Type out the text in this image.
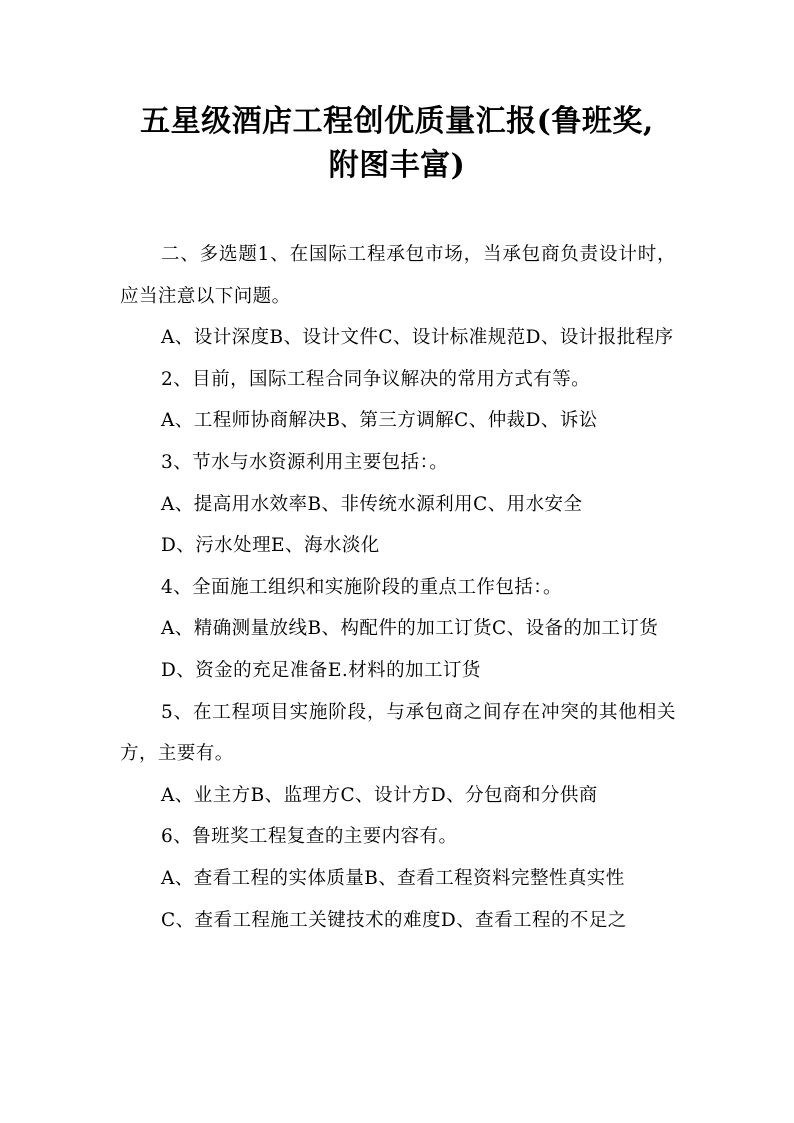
五星级酒店工程创优质量汇报(鲁班奖,
附图丰富)

二、多选题1、在国际工程承包市场，当承包商负责设计时，应当注意以下问题。

A、设计深度B、设计文件C、设计标准规范D、设计报批程序

2、目前，国际工程合同争议解决的常用方式有等。

A、工程师协商解决B、第三方调解C、仲裁D、诉讼

3、节水与水资源利用主要包括：。

A、提高用水效率B、非传统水源利用C、用水安全

D、污水处理E、海水淡化

4、全面施工组织和实施阶段的重点工作包括：。

A、精确测量放线B、构配件的加工订货C、设备的加工订货

D、资金的充足准备E.材料的加工订货

5、在工程项目实施阶段，与承包商之间存在冲突的其他相关方，主要有。

A、业主方B、监理方C、设计方D、分包商和分供商

6、鲁班奖工程复查的主要内容有。

A、查看工程的实体质量B、查看工程资料完整性真实性

C、查看工程施工关键技术的难度D、查看工程的不足之
